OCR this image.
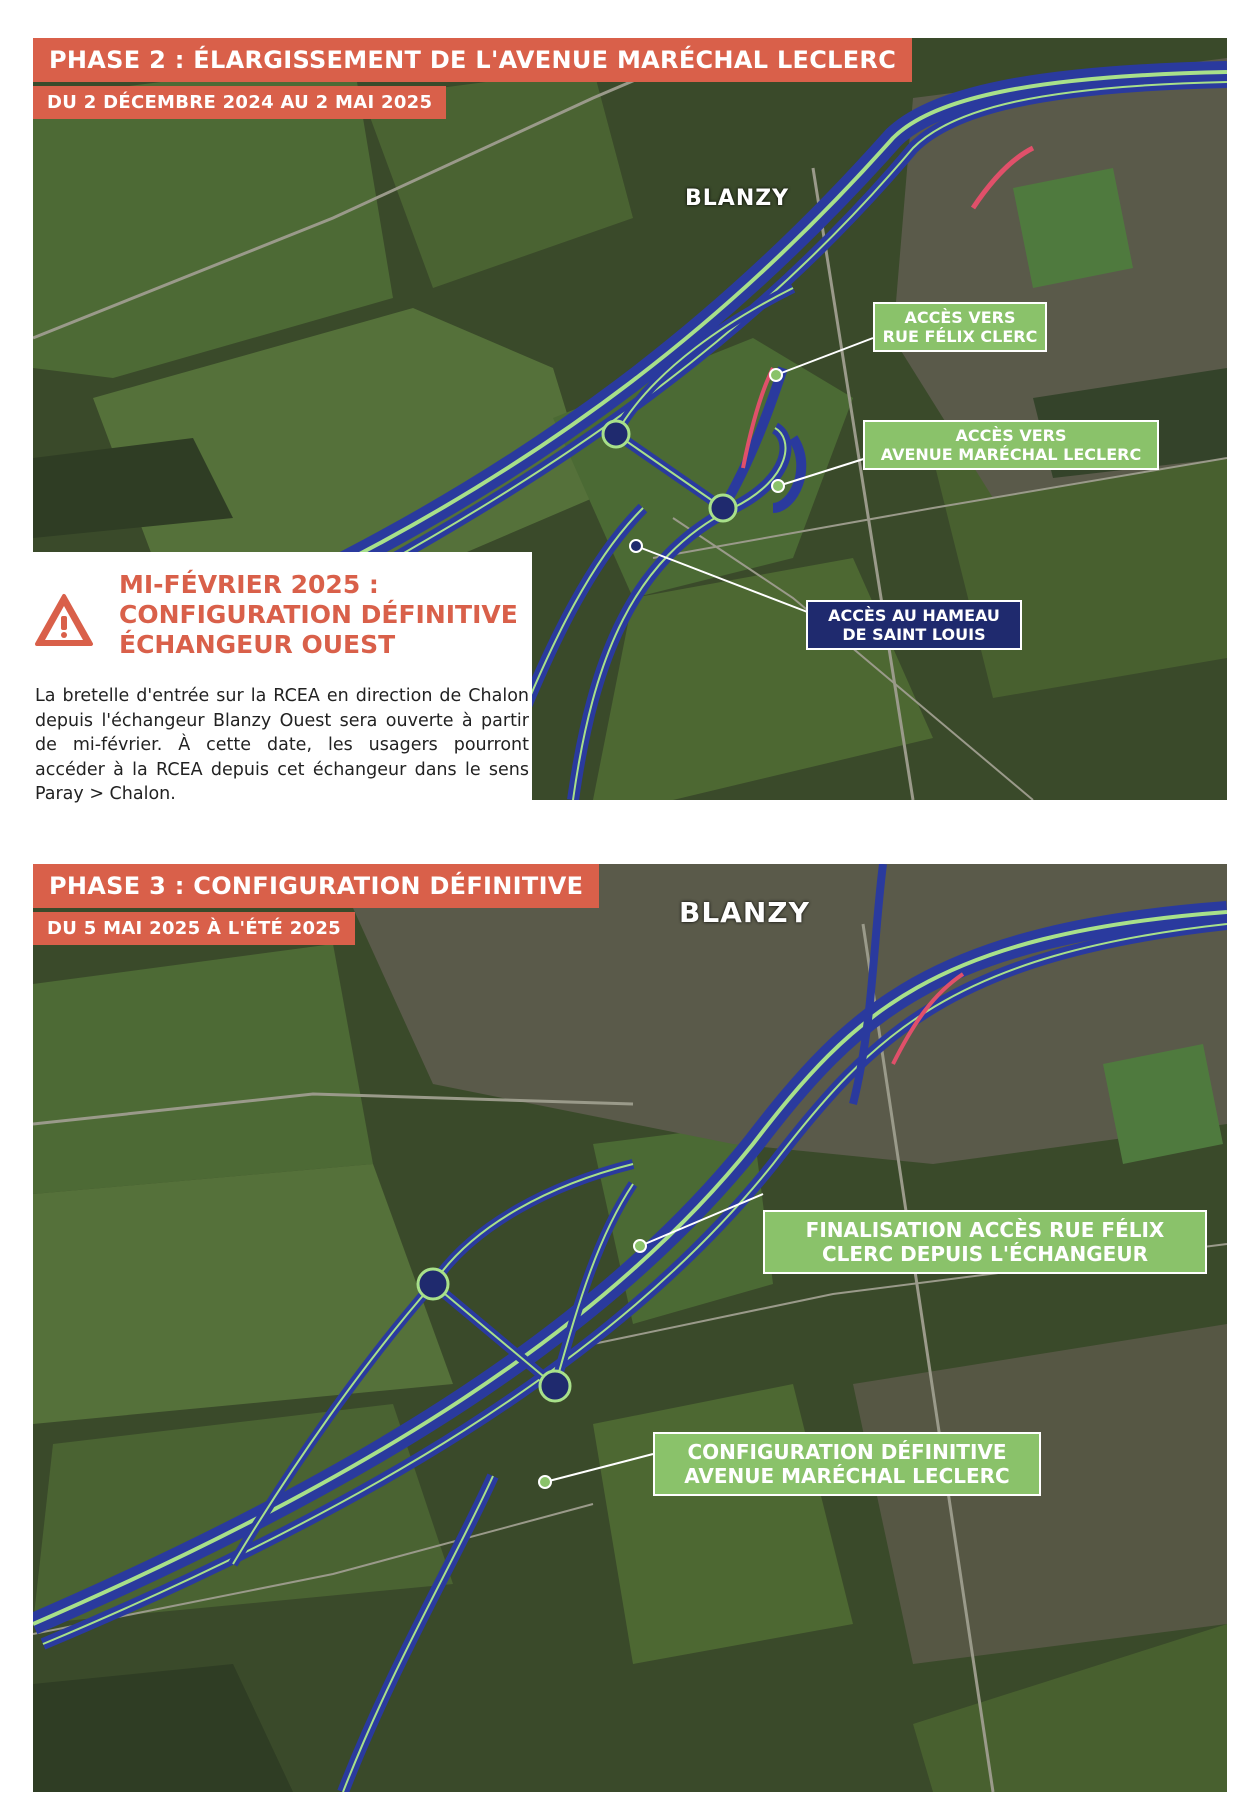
PHASE 2 : ÉLARGISSEMENT DE L'AVENUE MARÉCHAL LECLERC
DU 2 DÉCEMBRE 2024 AU 2 MAI 2025
BLANZY
ACCÈS VERS
RUE FÉLIX CLERC
ACCÈS VERS
AVENUE MARÉCHAL LECLERC
ACCÈS AU HAMEAU
DE SAINT LOUIS
MI-FÉVRIER 2025 :
CONFIGURATION DÉFINITIVE
ÉCHANGEUR OUEST
La bretelle d'entrée sur la RCEA en direction de Chalon depuis l'échangeur Blanzy Ouest sera ouverte à partir de mi-février. À cette date, les usagers pourront accéder à la RCEA depuis cet échangeur dans le sens Paray > Chalon.
PHASE 3 : CONFIGURATION DÉFINITIVE
DU 5 MAI 2025 À L'ÉTÉ 2025	BLANZY
FINALISATION ACCÈS RUE FÉLIX
CLERC DEPUIS L'ÉCHANGEUR
CONFIGURATION DÉFINITIVE
AVENUE MARÉCHAL LECLERC
